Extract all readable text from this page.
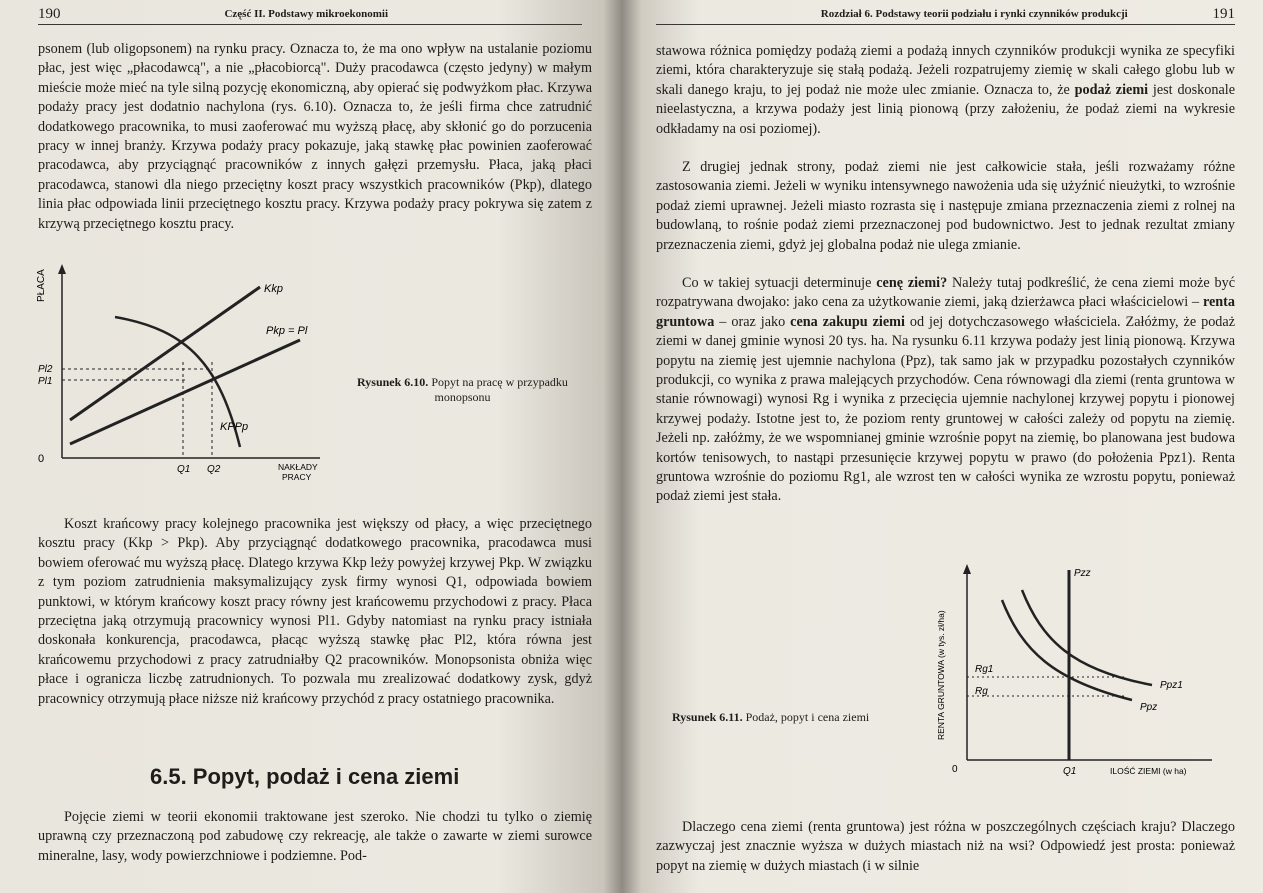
190	Część II. Podstawy mikroekonomii

psonem (lub oligopsonem) na rynku pracy. Oznacza to, że ma ono wpływ na ustalanie poziomu płac, jest więc „płacodawcą", a nie „płacobiorcą". Duży pracodawca (często jedyny) w małym mieście może mieć na tyle silną pozycję ekonomiczną, aby opierać się podwyżkom płac. Krzywa podaży pracy jest dodatnio nachylona (rys. 6.10). Oznacza to, że jeśli firma chce zatrudnić dodatkowego pracownika, to musi zaoferować mu wyższą płacę, aby skłonić go do porzucenia pracy w innej branży. Krzywa podaży pracy pokazuje, jaką stawkę płac powinien zaoferować pracodawca, aby przyciągnąć pracowników z innych gałęzi przemysłu. Płaca, jaką płaci pracodawca, stanowi dla niego przeciętny koszt pracy wszystkich pracowników (Pkp), dlatego linia płac odpowiada linii przeciętnego kosztu pracy. Krzywa podaży pracy pokrywa się zatem z krzywą przeciętnego kosztu pracy.

PŁACA
0
NAKŁADY
PRACY
Kkp
Pkp = Pl
KPPp
Pl2
Pl1
Q1 Q2
Rysunek 6.10. Popyt na pracę w przypadku monopsonu

Koszt krańcowy pracy kolejnego pracownika jest większy od płacy, a więc przeciętnego kosztu pracy (Kkp > Pkp). Aby przyciągnąć dodatkowego pracownika, pracodawca musi bowiem oferować mu wyższą płacę. Dlatego krzywa Kkp leży powyżej krzywej Pkp. W związku z tym poziom zatrudnienia maksymalizujący zysk firmy wynosi Q1, odpowiada bowiem punktowi, w którym krańcowy koszt pracy równy jest krańcowemu przychodowi z pracy. Płaca przeciętna jaką otrzymują pracownicy wynosi Pl1. Gdyby natomiast na rynku pracy istniała doskonała konkurencja, pracodawca, płacąc wyższą stawkę płac Pl2, która równa jest krańcowemu przychodowi z pracy zatrudniałby Q2 pracowników. Monopsonista obniża więc płace i ogranicza liczbę zatrudnionych. To pozwala mu zrealizować dodatkowy zysk, gdyż pracownicy otrzymują płace niższe niż krańcowy przychód z pracy ostatniego pracownika.

6.5. Popyt, podaż i cena ziemi

Pojęcie ziemi w teorii ekonomii traktowane jest szeroko. Nie chodzi tu tylko o ziemię uprawną czy przeznaczoną pod zabudowę czy rekreację, ale także o zawarte w ziemi surowce mineralne, lasy, wody powierzchniowe i podziemne. Pod-

Rozdział 6. Podstawy teorii podziału i rynki czynników produkcji	191

stawowa różnica pomiędzy podażą ziemi a podażą innych czynników produkcji wynika ze specyfiki ziemi, która charakteryzuje się stałą podażą. Jeżeli rozpatrujemy ziemię w skali całego globu lub w skali danego kraju, to jej podaż nie może ulec zmianie. Oznacza to, że podaż ziemi jest doskonale nieelastyczna, a krzywa podaży jest linią pionową (przy założeniu, że podaż ziemi na wykresie odkładamy na osi poziomej).

Z drugiej jednak strony, podaż ziemi nie jest całkowicie stała, jeśli rozważamy różne zastosowania ziemi. Jeżeli w wyniku intensywnego nawożenia uda się użyźnić nieużytki, to wzrośnie podaż ziemi uprawnej. Jeżeli miasto rozrasta się i następuje zmiana przeznaczenia ziemi z rolnej na budowlaną, to rośnie podaż ziemi przeznaczonej pod budownictwo. Jest to jednak rezultat zmiany przeznaczenia ziemi, gdyż jej globalna podaż nie ulega zmianie.

Co w takiej sytuacji determinuje cenę ziemi? Należy tutaj podkreślić, że cena ziemi może być rozpatrywana dwojako: jako cena za użytkowanie ziemi, jaką dzierżawca płaci właścicielowi – renta gruntowa – oraz jako cena zakupu ziemi od jej dotychczasowego właściciela. Załóżmy, że podaż ziemi w danej gminie wynosi 20 tys. ha. Na rysunku 6.11 krzywa podaży jest linią pionową. Krzywa popytu na ziemię jest ujemnie nachylona (Ppz), tak samo jak w przypadku pozostałych czynników produkcji, co wynika z prawa malejących przychodów. Cena równowagi dla ziemi (renta gruntowa w stanie równowagi) wynosi Rg i wynika z przecięcia ujemnie nachylonej krzywej popytu i pionowej krzywej podaży. Istotne jest to, że poziom renty gruntowej w całości zależy od popytu na ziemię. Jeżeli np. załóżmy, że we wspomnianej gminie wzrośnie popyt na ziemię, bo planowana jest budowa kortów tenisowych, to nastąpi przesunięcie krzywej popytu w prawo (do położenia Ppz1). Renta gruntowa wzrośnie do poziomu Rg1, ale wzrost ten w całości wynika ze wzrostu popytu, ponieważ podaż ziemi jest stała.

Rysunek 6.11. Podaż, popyt i cena ziemi	RENTA GRUNTOWA (w tys. zł/ha)
0	ILOŚĆ ZIEMI (w ha)
Pzz
Ppz1
Ppz
Rg1
Rg
Q1

Dlaczego cena ziemi (renta gruntowa) jest różna w poszczególnych częściach kraju? Dlaczego zazwyczaj jest znacznie wyższa w dużych miastach niż na wsi? Odpowiedź jest prosta: ponieważ popyt na ziemię w dużych miastach (i w silnie
